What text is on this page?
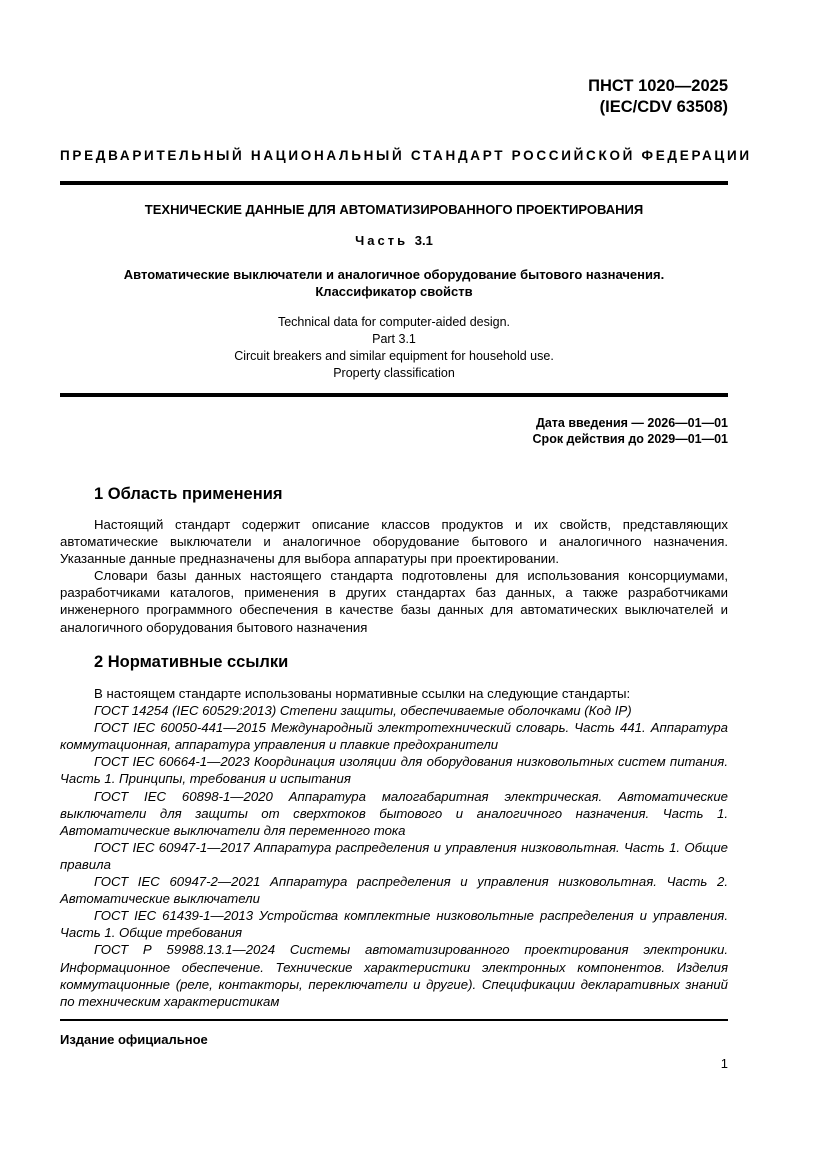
ПНСТ 1020—2025
(IEC/CDV 63508)
ПРЕДВАРИТЕЛЬНЫЙ НАЦИОНАЛЬНЫЙ СТАНДАРТ РОССИЙСКОЙ ФЕДЕРАЦИИ
ТЕХНИЧЕСКИЕ ДАННЫЕ ДЛЯ АВТОМАТИЗИРОВАННОГО ПРОЕКТИРОВАНИЯ
Часть 3.1
Автоматические выключатели и аналогичное оборудование бытового назначения.
Классификатор свойств
Technical data for computer-aided design.
Part 3.1
Circuit breakers and similar equipment for household use.
Property classification
Дата введения — 2026—01—01
Срок действия до 2029—01—01
1 Область применения

Настоящий стандарт содержит описание классов продуктов и их свойств, представляющих автоматические выключатели и аналогичное оборудование бытового и аналогичного назначения. Указанные данные предназначены для выбора аппаратуры при проектировании.

Словари базы данных настоящего стандарта подготовлены для использования консорциумами, разработчиками каталогов, применения в других стандартах баз данных, а также разработчиками инженерного программного обеспечения в качестве базы данных для автоматических выключателей и аналогичного оборудования бытового назначения

2 Нормативные ссылки

В настоящем стандарте использованы нормативные ссылки на следующие стандарты:

ГОСТ 14254 (IEC 60529:2013) Степени защиты, обеспечиваемые оболочками (Код IP)

ГОСТ IEC 60050-441—2015 Международный электротехнический словарь. Часть 441. Аппаратура коммутационная, аппаратура управления и плавкие предохранители

ГОСТ IEC 60664-1—2023 Координация изоляции для оборудования низковольтных систем питания. Часть 1. Принципы, требования и испытания

ГОСТ IEC 60898-1—2020 Аппаратура малогабаритная электрическая. Автоматические выключатели для защиты от сверхтоков бытового и аналогичного назначения. Часть 1. Автоматические выключатели для переменного тока

ГОСТ IEC 60947-1—2017 Аппаратура распределения и управления низковольтная. Часть 1. Общие правила

ГОСТ IEC 60947-2—2021 Аппаратура распределения и управления низковольтная. Часть 2. Автоматические выключатели

ГОСТ IEC 61439-1—2013 Устройства комплектные низковольтные распределения и управления. Часть 1. Общие требования

ГОСТ Р 59988.13.1—2024 Системы автоматизированного проектирования электроники. Информационное обеспечение. Технические характеристики электронных компонентов. Изделия коммутационные (реле, контакторы, переключатели и другие). Спецификации декларативных знаний по техническим характеристикам

Издание официальное
1
